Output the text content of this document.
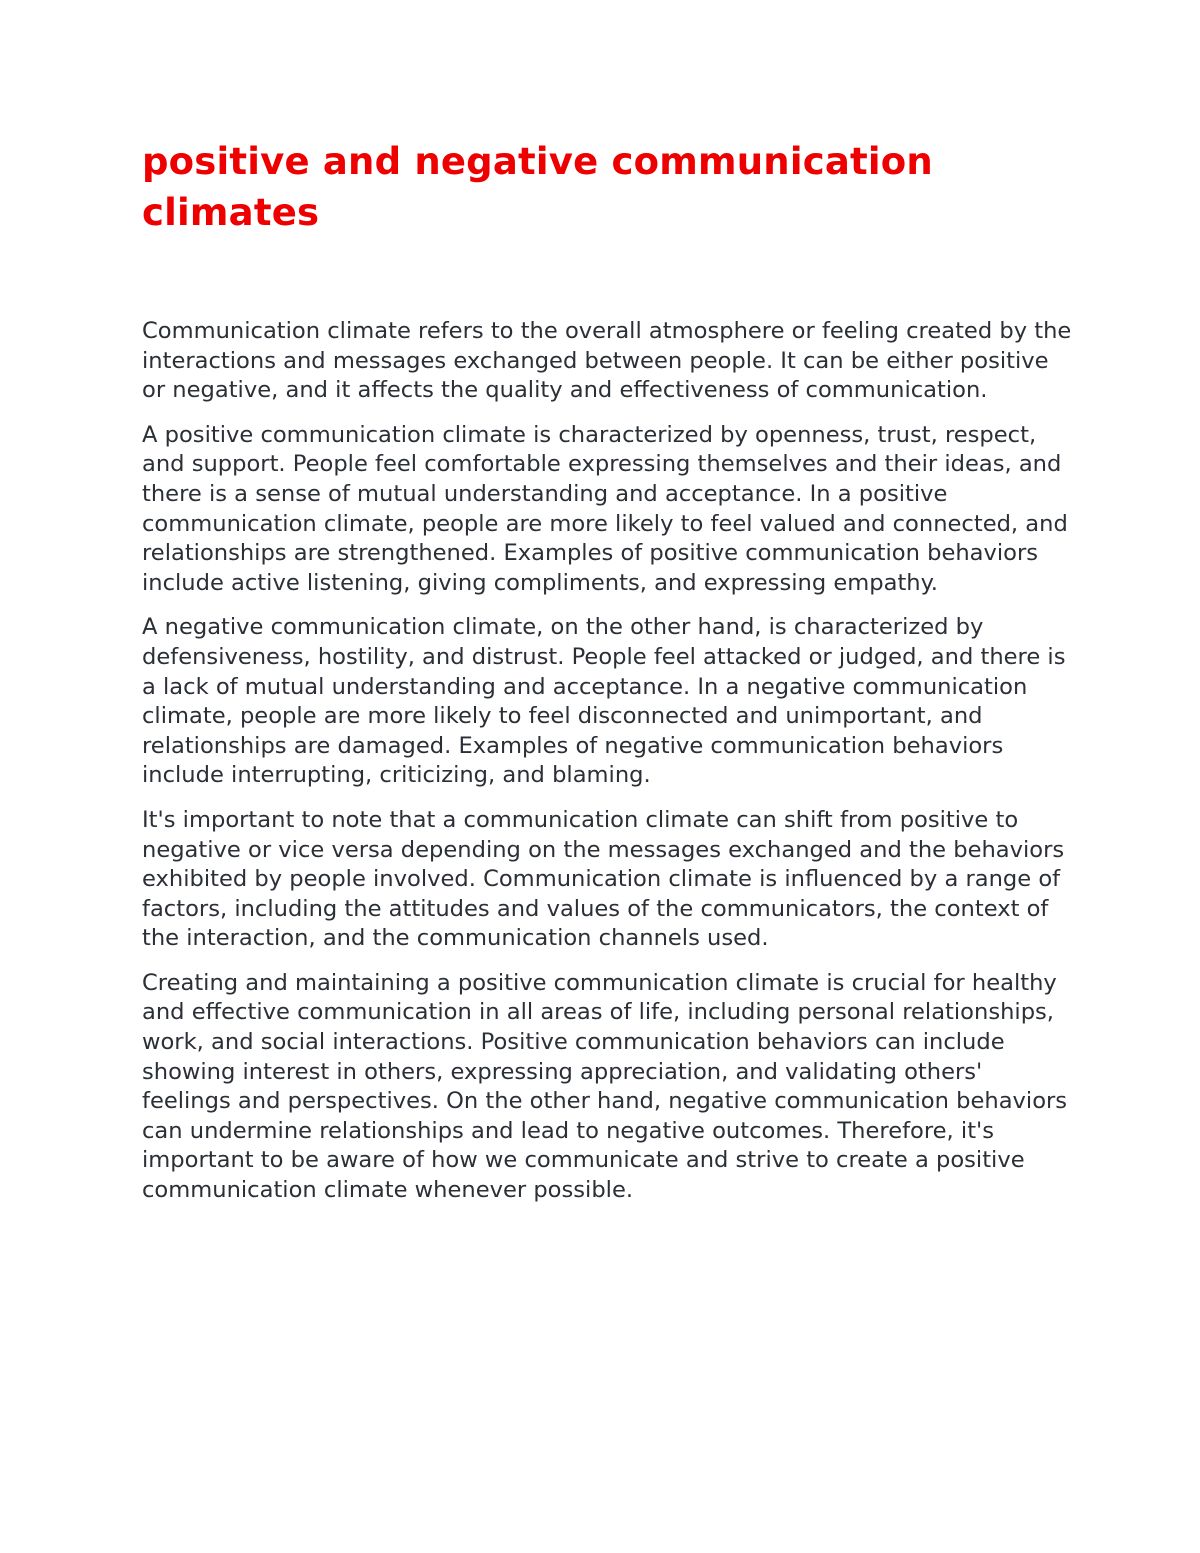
positive and negative communication climates

Communication climate refers to the overall atmosphere or feeling created by the interactions and messages exchanged between people. It can be either positive or negative, and it affects the quality and effectiveness of communication.

A positive communication climate is characterized by openness, trust, respect, and support. People feel comfortable expressing themselves and their ideas, and there is a sense of mutual understanding and acceptance. In a positive communication climate, people are more likely to feel valued and connected, and relationships are strengthened. Examples of positive communication behaviors include active listening, giving compliments, and expressing empathy.

A negative communication climate, on the other hand, is characterized by defensiveness, hostility, and distrust. People feel attacked or judged, and there is a lack of mutual understanding and acceptance. In a negative communication climate, people are more likely to feel disconnected and unimportant, and relationships are damaged. Examples of negative communication behaviors include interrupting, criticizing, and blaming.

It's important to note that a communication climate can shift from positive to negative or vice versa depending on the messages exchanged and the behaviors exhibited by people involved. Communication climate is influenced by a range of factors, including the attitudes and values of the communicators, the context of the interaction, and the communication channels used.

Creating and maintaining a positive communication climate is crucial for healthy and effective communication in all areas of life, including personal relationships, work, and social interactions. Positive communication behaviors can include showing interest in others, expressing appreciation, and validating others' feelings and perspectives. On the other hand, negative communication behaviors can undermine relationships and lead to negative outcomes. Therefore, it's important to be aware of how we communicate and strive to create a positive communication climate whenever possible.
